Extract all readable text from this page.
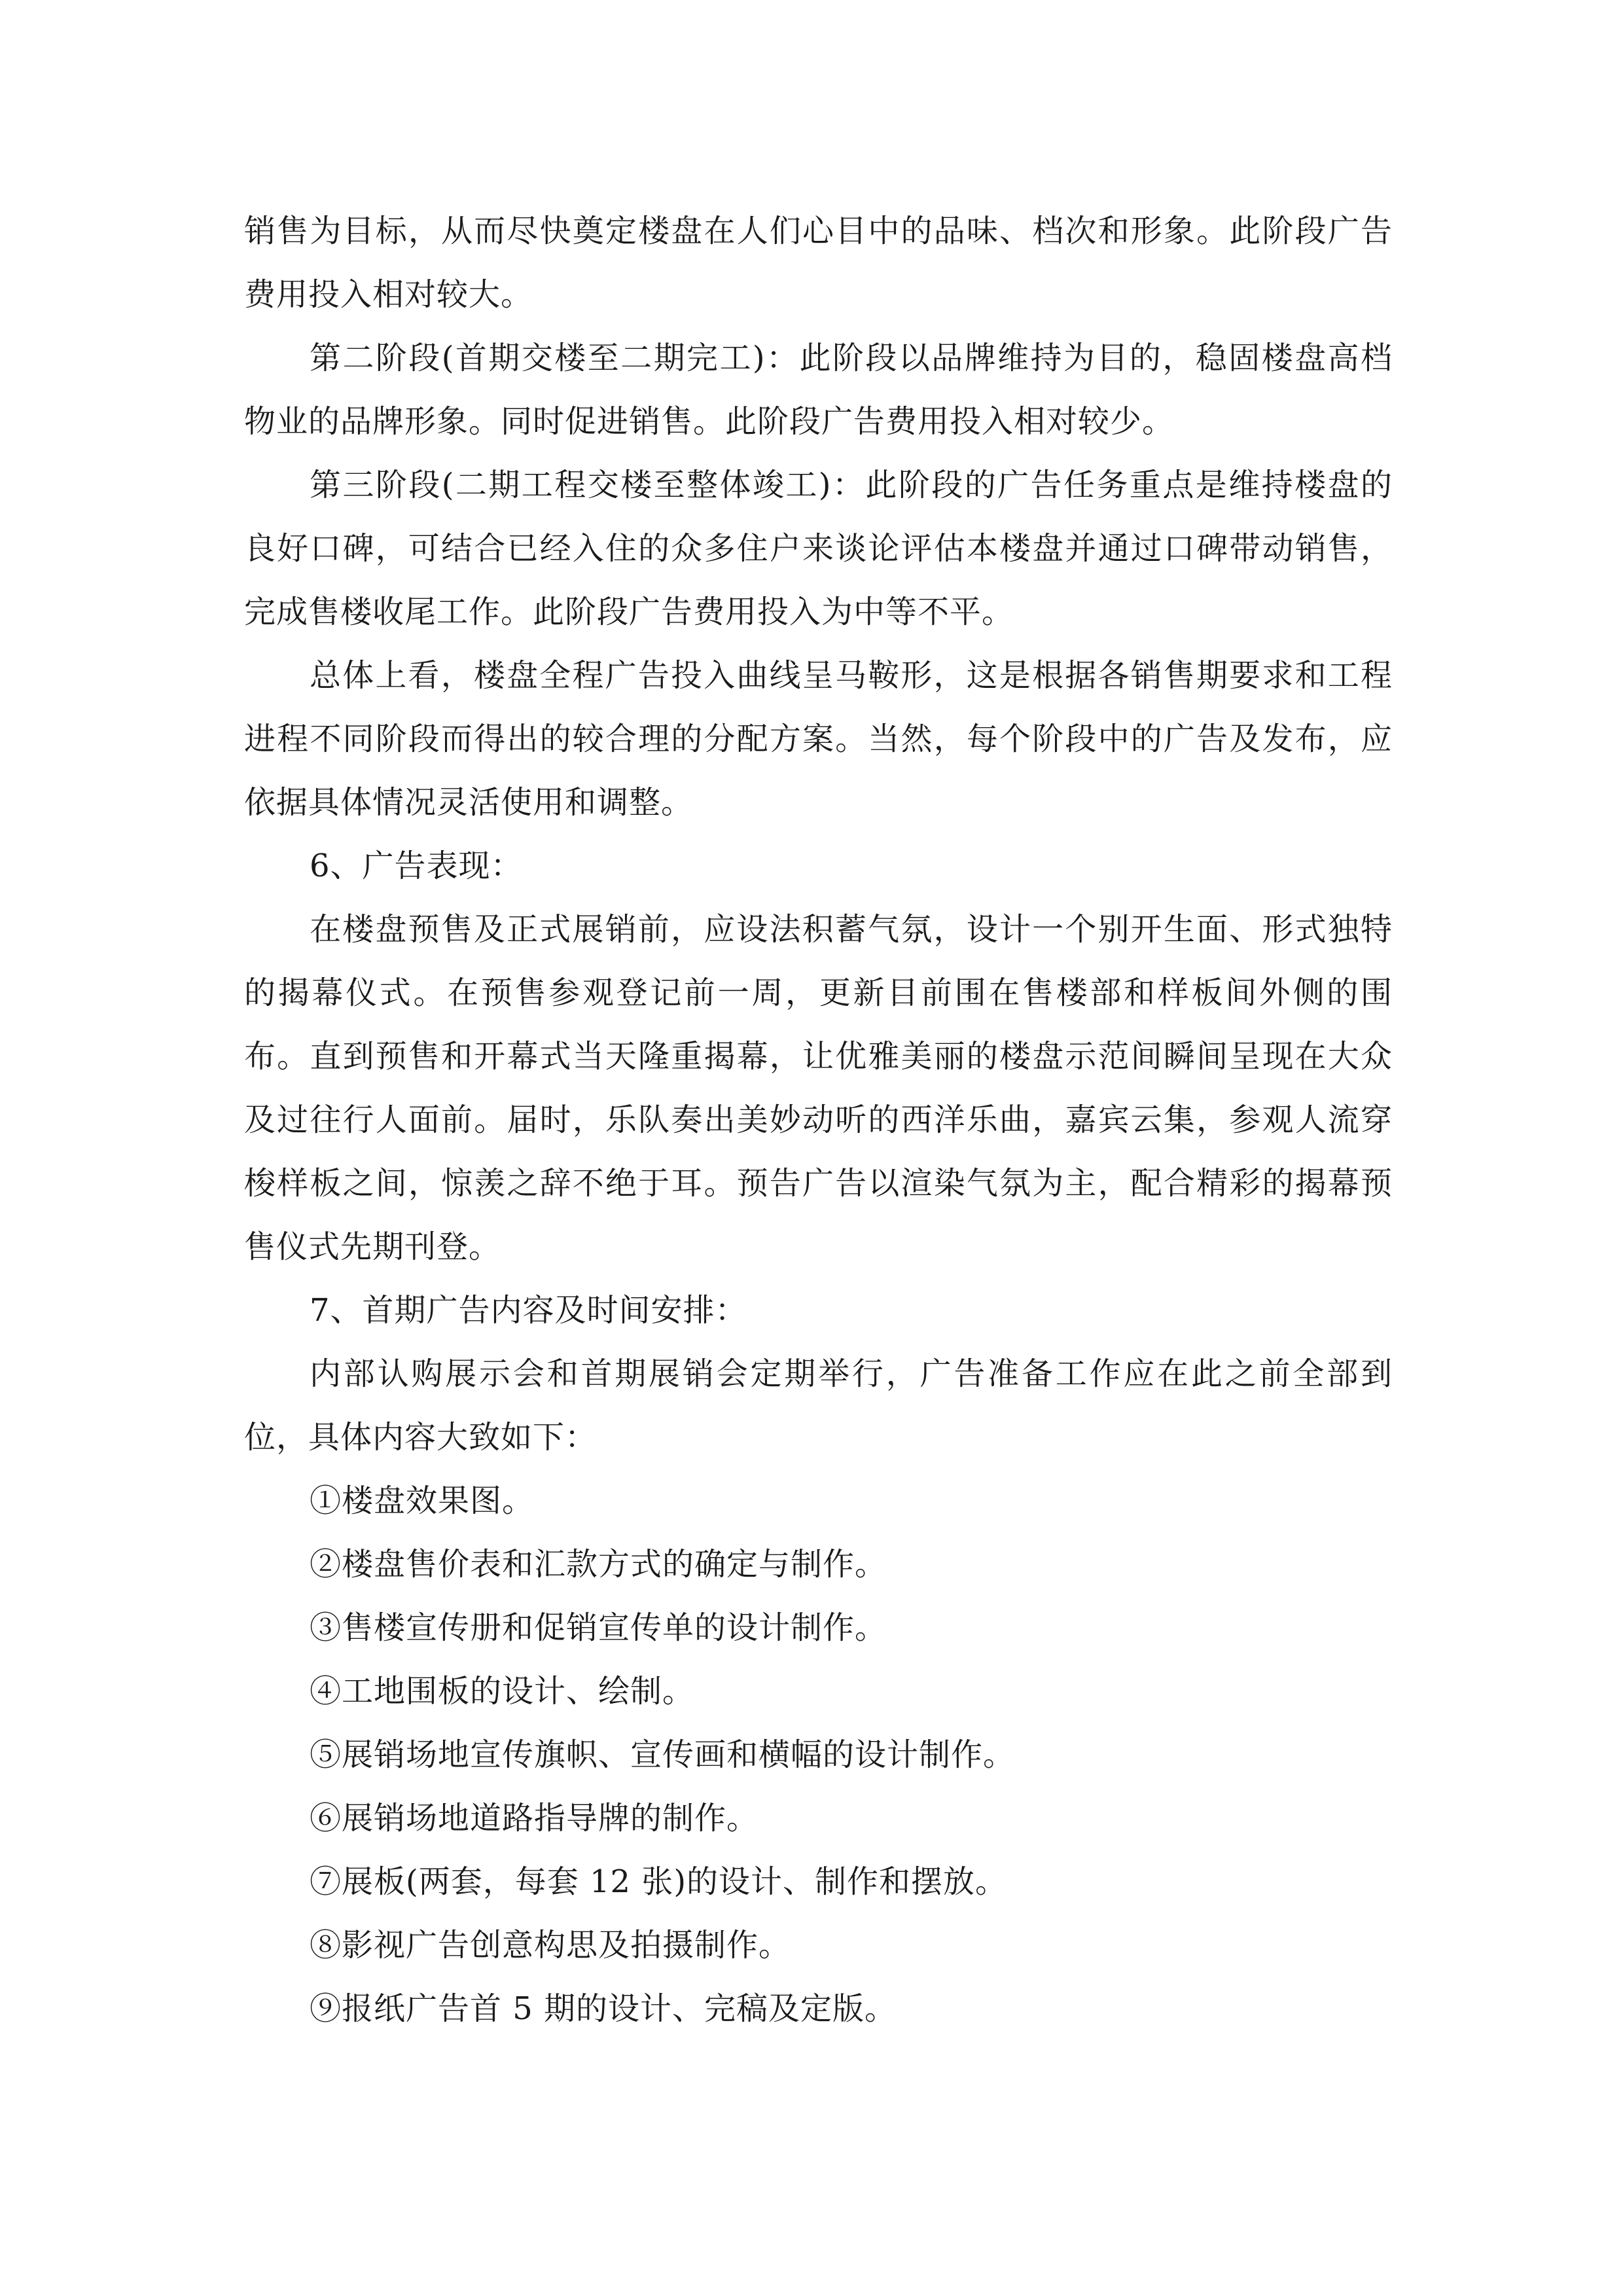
销售为目标，从而尽快奠定楼盘在人们心目中的品味、档次和形象。此阶段广告费用投入相对较大。

第二阶段(首期交楼至二期完工)：此阶段以品牌维持为目的，稳固楼盘高档物业的品牌形象。同时促进销售。此阶段广告费用投入相对较少。

第三阶段(二期工程交楼至整体竣工)：此阶段的广告任务重点是维持楼盘的良好口碑，可结合已经入住的众多住户来谈论评估本楼盘并通过口碑带动销售，完成售楼收尾工作。此阶段广告费用投入为中等不平。

总体上看，楼盘全程广告投入曲线呈马鞍形，这是根据各销售期要求和工程进程不同阶段而得出的较合理的分配方案。当然，每个阶段中的广告及发布，应依据具体情况灵活使用和调整。

6、广告表现：

在楼盘预售及正式展销前，应设法积蓄气氛，设计一个别开生面、形式独特的揭幕仪式。在预售参观登记前一周，更新目前围在售楼部和样板间外侧的围布。直到预售和开幕式当天隆重揭幕，让优雅美丽的楼盘示范间瞬间呈现在大众及过往行人面前。届时，乐队奏出美妙动听的西洋乐曲，嘉宾云集，参观人流穿梭样板之间，惊羡之辞不绝于耳。预告广告以渲染气氛为主，配合精彩的揭幕预售仪式先期刊登。

7、首期广告内容及时间安排：

内部认购展示会和首期展销会定期举行，广告准备工作应在此之前全部到位，具体内容大致如下：

①楼盘效果图。

②楼盘售价表和汇款方式的确定与制作。

③售楼宣传册和促销宣传单的设计制作。

④工地围板的设计、绘制。

⑤展销场地宣传旗帜、宣传画和横幅的设计制作。

⑥展销场地道路指导牌的制作。

⑦展板(两套，每套 12 张)的设计、制作和摆放。

⑧影视广告创意构思及拍摄制作。

⑨报纸广告首 5 期的设计、完稿及定版。
